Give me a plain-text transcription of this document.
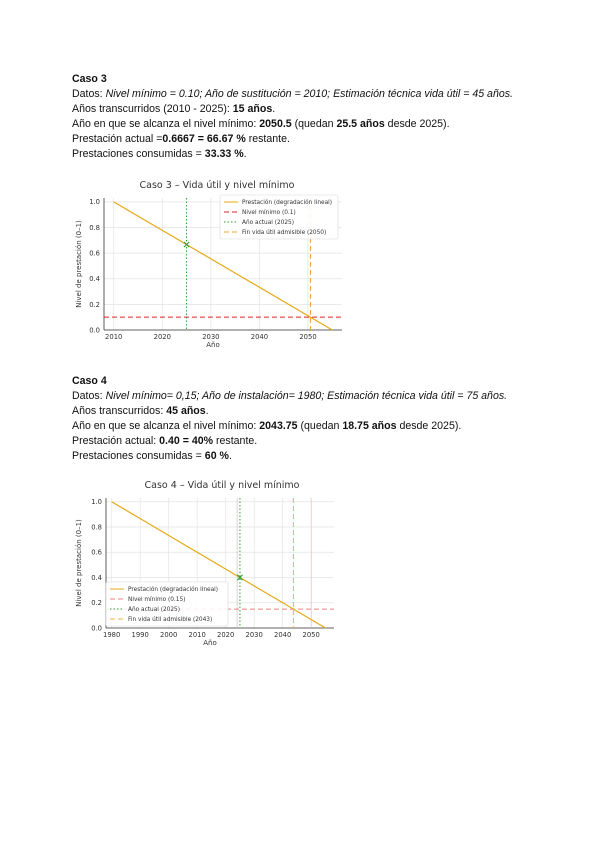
Caso 3

Datos: Nivel mínimo = 0.10; Año de sustitución = 2010; Estimación técnica vida útil = 45 años.

Años transcurridos (2010 - 2025): 15 años.

Año en que se alcanza el nivel mínimo: 2050.5 (quedan 25.5 años desde 2025).

Prestación actual =0.6667 = 66.67 % restante.

Prestaciones consumidas = 33.33 %.

Caso 3 – Vida útil y nivel mínimo
2010	2020	2030	2040	2050
0.0
0.2
0.4
0.6
0.8
1.0
Año
Nivel de prestación (0–1)
Prestación (degradación lineal)
Nivel mínimo (0.1)
Año actual (2025)
Fin vida útil admisible (2050)

Caso 4

Datos: Nivel mínimo= 0,15; Año de instalación= 1980; Estimación técnica vida útil = 75 años.

Años transcurridos: 45 años.

Año en que se alcanza el nivel mínimo: 2043.75 (quedan 18.75 años desde 2025).

Prestación actual: 0.40 = 40% restante.

Prestaciones consumidas = 60 %.

Caso 4 – Vida útil y nivel mínimo
1980 1990 2000 2010 2020 2030 2040 2050
0.0
0.2
0.4
0.6
0.8
1.0
Año
Nivel de prestación (0–1)	Prestación (degradación lineal)
Nivel mínimo (0.15)
Año actual (2025)
Fin vida útil admisible (2043)
